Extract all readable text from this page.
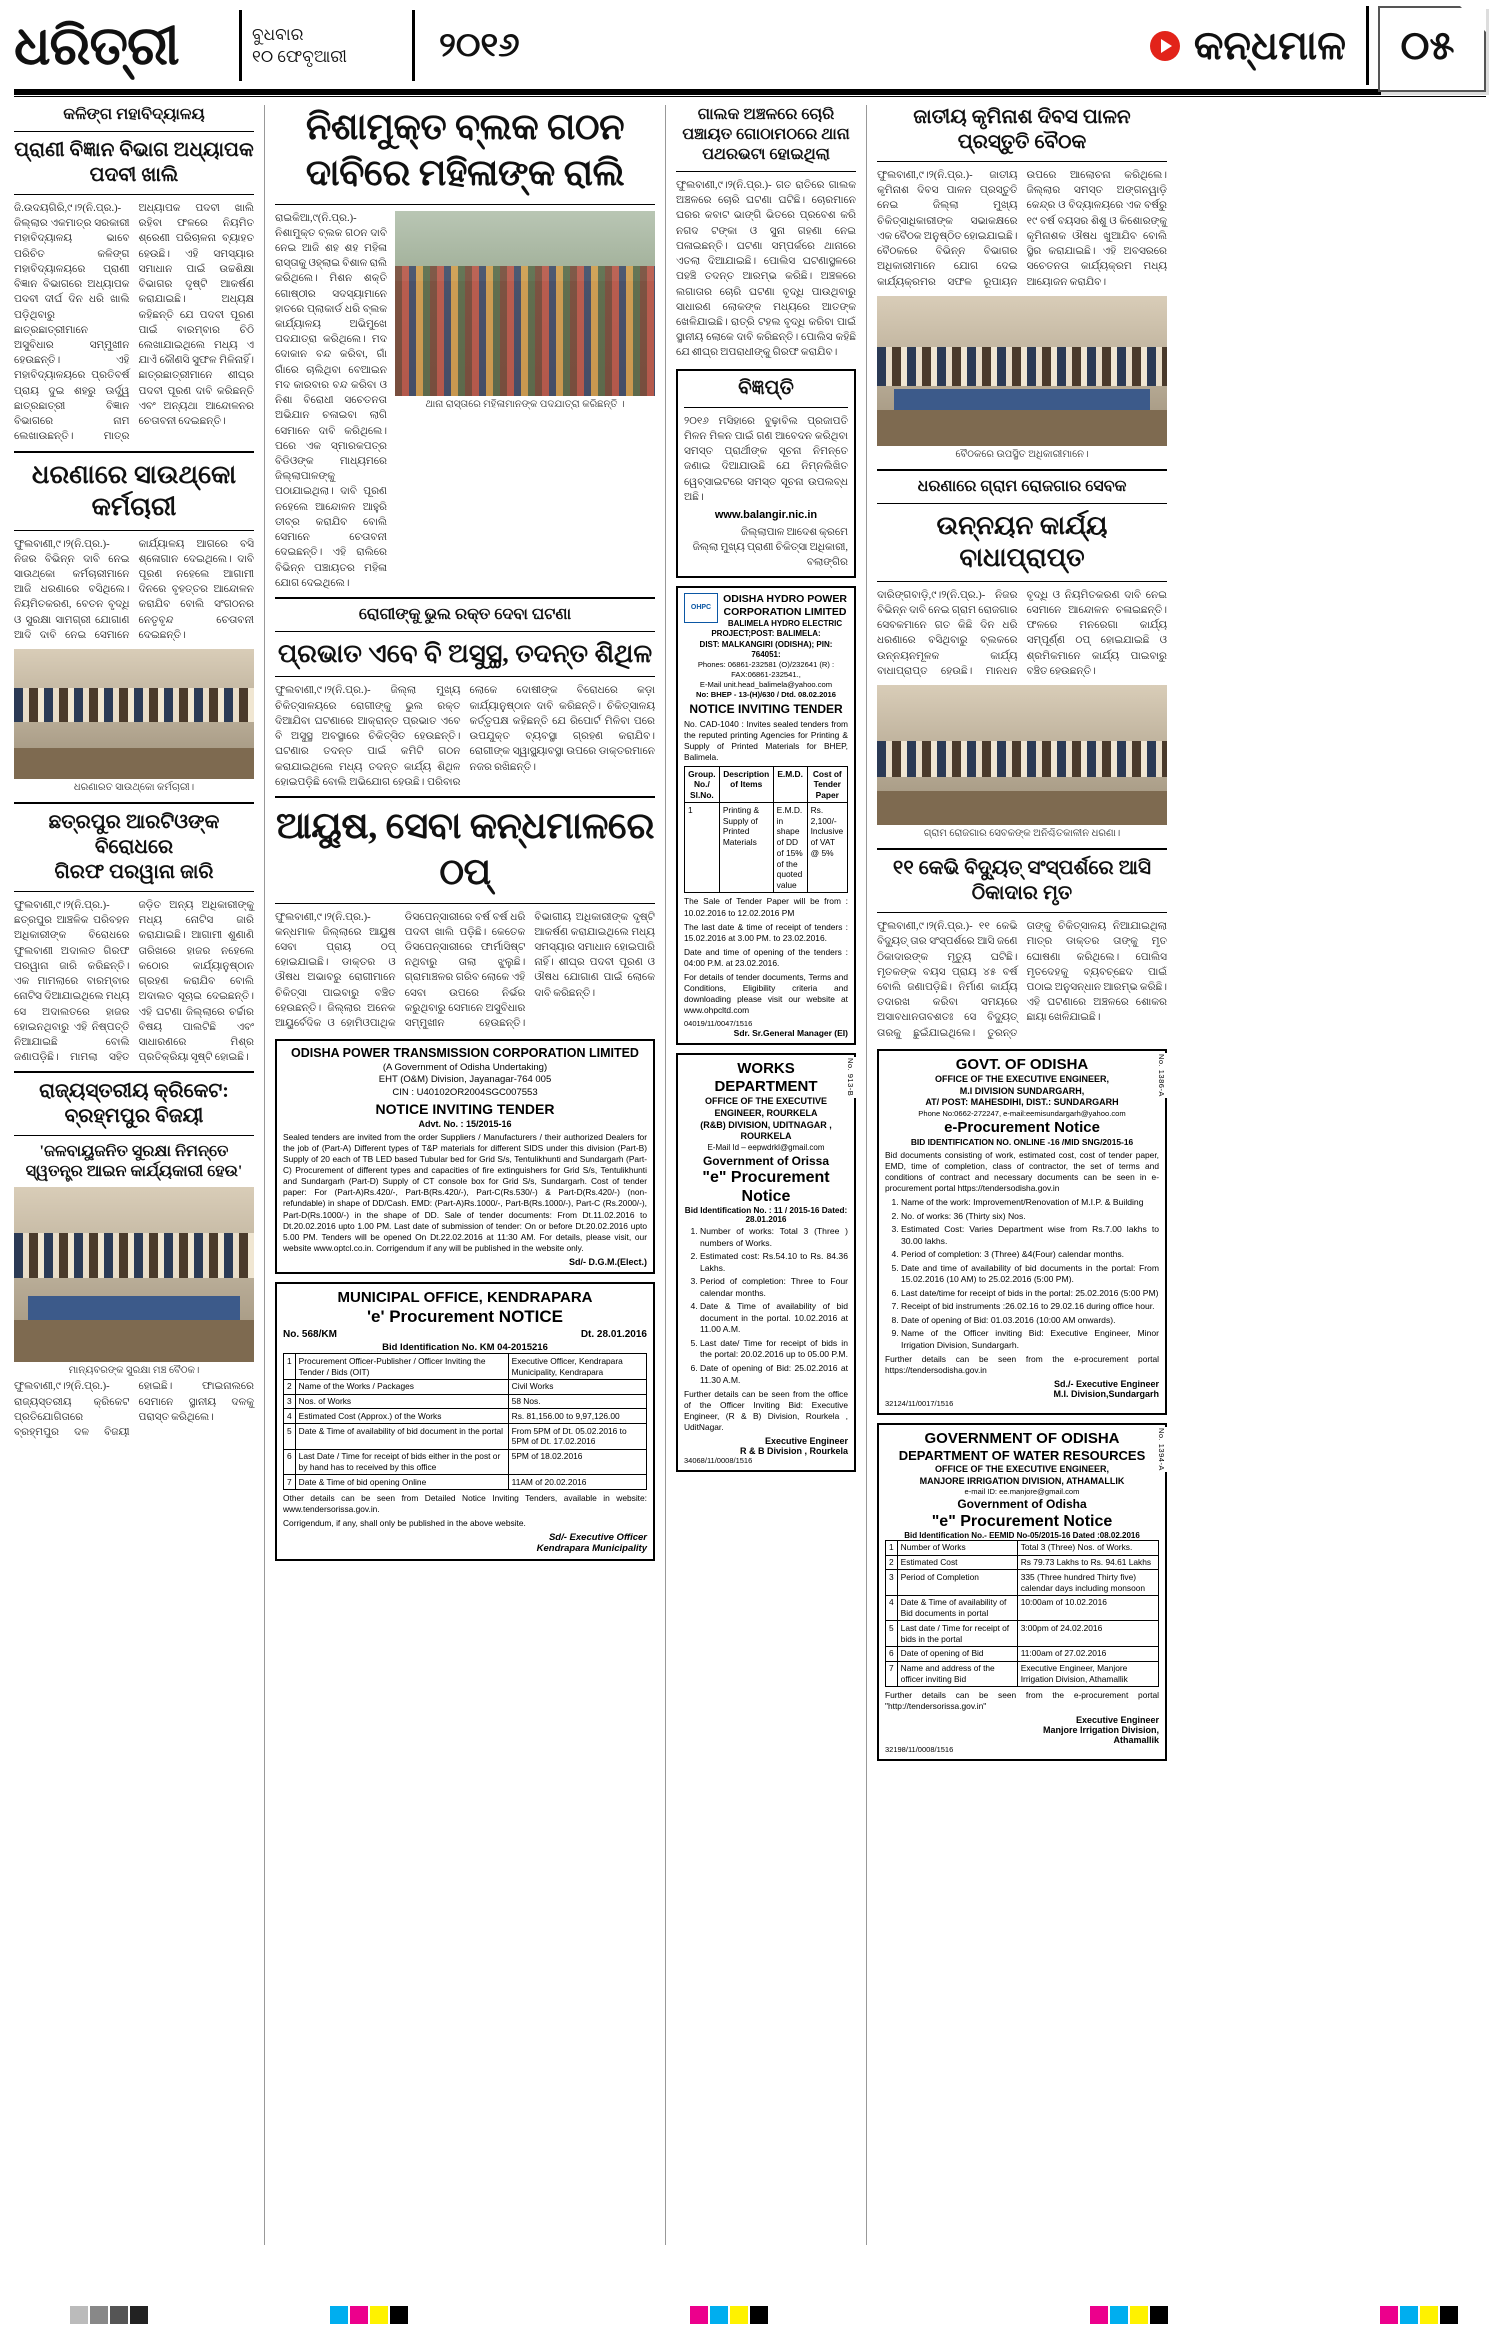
ଧରିତ୍ରୀ	ବୁଧବାର
୧୦ ଫେବୃଆରୀ	୨୦୧୬	କନ୍ଧମାଳ ୦୫
କଳିଙ୍ଗ ମହାବିଦ୍ୟାଳୟ
ପ୍ରାଣୀ ବିଜ୍ଞାନ ବିଭାଗ ଅଧ୍ୟାପକ ପଦବୀ ଖାଲି
ଜି.ଉଦୟଗିରି,୯।୨(ନି.ପ୍ର.)- ଜିଲ୍ଲାର ଏକମାତ୍ର ସରକାରୀ ମହାବିଦ୍ୟାଳୟ ଭାବେ ପରିଚିତ କଳିଙ୍ଗ ମହାବିଦ୍ୟାଳୟରେ ପ୍ରାଣୀ ବିଜ୍ଞାନ ବିଭାଗରେ ଅଧ୍ୟାପକ ପଦବୀ ଦୀର୍ଘ ଦିନ ଧରି ଖାଲି ପଡ଼ିଥିବାରୁ ଛାତ୍ରଛାତ୍ରୀମାନେ ଅସୁବିଧାର ସମ୍ମୁଖୀନ ହେଉଛନ୍ତି। ଏହି ମହାବିଦ୍ୟାଳୟରେ ପ୍ରତିବର୍ଷ ପ୍ରାୟ ଦୁଇ ଶହରୁ ଊର୍ଦ୍ଧ୍ୱ ଛାତ୍ରଛାତ୍ରୀ ବିଜ୍ଞାନ ବିଭାଗରେ ନାମ ଲେଖାଉଛନ୍ତି। ମାତ୍ର ଅଧ୍ୟାପକ ପଦବୀ ଖାଲି ରହିବା ଫଳରେ ନିୟମିତ ଶ୍ରେଣୀ ପରିଚାଳନା ବ୍ୟାହତ ହେଉଛି। ଏହି ସମସ୍ୟାର ସମାଧାନ ପାଇଁ ଉଚ୍ଚଶିକ୍ଷା ବିଭାଗର ଦୃଷ୍ଟି ଆକର୍ଷଣ କରାଯାଇଛି। ଅଧ୍ୟକ୍ଷ କହିଛନ୍ତି ଯେ ପଦବୀ ପୂରଣ ପାଇଁ ବାରମ୍ବାର ଚିଠି ଲେଖାଯାଇଥିଲେ ମଧ୍ୟ ଏ ଯାଏଁ କୌଣସି ସୁଫଳ ମିଳିନାହିଁ। ଛାତ୍ରଛାତ୍ରୀମାନେ ଶୀଘ୍ର ପଦବୀ ପୂରଣ ଦାବି କରିଛନ୍ତି ଏବଂ ଅନ୍ୟଥା ଆନ୍ଦୋଳନର ଚେତାବନୀ ଦେଇଛନ୍ତି।
ଧରଣାରେ ସାଉଥ୍‌କୋ କର୍ମଚାରୀ
ଫୁଲବାଣୀ,୯।୨(ନି.ପ୍ର.)- ନିଜର ବିଭିନ୍ନ ଦାବି ନେଇ ସାଉଥ୍‌କୋ କର୍ମଚାରୀମାନେ ଆଜି ଧରଣାରେ ବସିଥିଲେ। ନିୟମିତକରଣ, ବେତନ ବୃଦ୍ଧି ଓ ସୁରକ୍ଷା ସାମଗ୍ରୀ ଯୋଗାଣ ଆଦି ଦାବି ନେଇ ସେମାନେ କାର୍ଯ୍ୟାଳୟ ଆଗରେ ବସି ଶ୍ଳୋଗାନ ଦେଇଥିଲେ। ଦାବି ପୂରଣ ନହେଲେ ଆଗାମୀ ଦିନରେ ବୃହତ୍ତର ଆନ୍ଦୋଳନ କରାଯିବ ବୋଲି ସଂଗଠନର ନେତୃବୃନ୍ଦ ଚେତାବନୀ ଦେଇଛନ୍ତି।
ଧରଣାରତ ସାଉଥ୍‌କୋ କର୍ମଚାରୀ।
ଛତ୍ରପୁର ଆରଟିଓଙ୍କ ବିରୋଧରେ
ଗିରଫ ପରୱାନା ଜାରି
ଫୁଲବାଣୀ,୯।୨(ନି.ପ୍ର.)- ଛତ୍ରପୁର ଆଞ୍ଚଳିକ ପରିବହନ ଅଧିକାରୀଙ୍କ ବିରୋଧରେ ଫୁଲବାଣୀ ଅଦାଲତ ଗିରଫ ପରୱାନା ଜାରି କରିଛନ୍ତି। ଏକ ମାମଲାରେ ବାରମ୍ବାର ନୋଟିସ ଦିଆଯାଇଥିଲେ ମଧ୍ୟ ସେ ଅଦାଲତରେ ହାଜର ହୋଇନଥିବାରୁ ଏହି ନିଷ୍ପତ୍ତି ନିଆଯାଇଛି ବୋଲି ଜଣାପଡ଼ିଛି। ମାମଲା ସହିତ ଜଡ଼ିତ ଅନ୍ୟ ଅଧିକାରୀଙ୍କୁ ମଧ୍ୟ ନୋଟିସ ଜାରି କରାଯାଇଛି। ଆଗାମୀ ଶୁଣାଣି ତାରିଖରେ ହାଜର ନହେଲେ କଠୋର କାର୍ଯ୍ୟାନୁଷ୍ଠାନ ଗ୍ରହଣ କରାଯିବ ବୋଲି ଅଦାଲତ ସୂଚାଇ ଦେଇଛନ୍ତି। ଏହି ଘଟଣା ଜିଲ୍ଲାରେ ଚର୍ଚ୍ଚାର ବିଷୟ ପାଲଟିଛି ଏବଂ ସାଧାରଣରେ ମିଶ୍ର ପ୍ରତିକ୍ରିୟା ସୃଷ୍ଟି ହୋଇଛି।
ରାଜ୍ୟସ୍ତରୀୟ କ୍ରିକେଟ: ବ୍ରହ୍ମପୁର ବିଜୟୀ
'ଜଳବାୟୁଜନିତ ସୁରକ୍ଷା ନିମନ୍ତେ ସ୍ୱତନ୍ତ୍ର ଆଇନ କାର୍ଯ୍ୟକାରୀ ହେଉ'
ମାନ୍ୟବରଙ୍କ ସୁରକ୍ଷା ମଞ୍ଚ ବୈଠକ।
ଫୁଲବାଣୀ,୯।୨(ନି.ପ୍ର.)- ରାଜ୍ୟସ୍ତରୀୟ କ୍ରିକେଟ ପ୍ରତିଯୋଗିତାରେ ବ୍ରହ୍ମପୁର ଦଳ ବିଜୟୀ ହୋଇଛି। ଫାଇନାଲରେ ସେମାନେ ସ୍ଥାନୀୟ ଦଳକୁ ପରାସ୍ତ କରିଥିଲେ।
ନିଶାମୁକ୍ତ ବ୍ଲକ ଗଠନ ଦାବିରେ ମହିଳାଙ୍କ ରାଲି
ରାଇକିଆ,୯(ନି.ପ୍ର.)- ନିଶାମୁକ୍ତ ବ୍ଲକ ଗଠନ ଦାବି ନେଇ ଆଜି ଶହ ଶହ ମହିଳା ରାସ୍ତାକୁ ଓହ୍ଲାଇ ବିଶାଳ ରାଲି କରିଥିଲେ। ମିଶନ ଶକ୍ତି ଗୋଷ୍ଠୀର ସଦସ୍ୟାମାନେ ହାତରେ ପ୍ଲାକାର୍ଡ ଧରି ବ୍ଲକ କାର୍ଯ୍ୟାଳୟ ଅଭିମୁଖେ ପଦଯାତ୍ରା କରିଥିଲେ। ମଦ ଦୋକାନ ବନ୍ଦ କରିବା, ଗାଁ ଗାଁରେ ଚାଲିଥିବା ବେଆଇନ ମଦ କାରବାର ବନ୍ଦ କରିବା ଓ ନିଶା ବିରୋଧୀ ସଚେତନତା ଅଭିଯାନ ଚଳାଇବା ଲାଗି ସେମାନେ ଦାବି କରିଥିଲେ। ପରେ ଏକ ସ୍ମାରକପତ୍ର ବିଡିଓଙ୍କ ମାଧ୍ୟମରେ ଜିଲ୍ଲାପାଳଙ୍କୁ ପଠାଯାଇଥିଲା। ଦାବି ପୂରଣ ନହେଲେ ଆନ୍ଦୋଳନ ଆହୁରି ତୀବ୍ର କରାଯିବ ବୋଲି ସେମାନେ ଚେତାବନୀ ଦେଇଛନ୍ତି। ଏହି ରାଲିରେ ବିଭିନ୍ନ ପଞ୍ଚାୟତର ମହିଳା ଯୋଗ ଦେଇଥିଲେ।
ଥାନା ରାସ୍ତାରେ ମହିଳାମାନଙ୍କ ପଦଯାତ୍ରା କରିଛନ୍ତି ।
ରୋଗୀଙ୍କୁ ଭୁଲ ରକ୍ତ ଦେବା ଘଟଣା
ପ୍ରଭାତ ଏବେ ବି ଅସୁସ୍ଥ, ତଦନ୍ତ ଶିଥିଳ
ଫୁଲବାଣୀ,୯।୨(ନି.ପ୍ର.)- ଜିଲ୍ଲା ମୁଖ୍ୟ ଚିକିତ୍ସାଳୟରେ ରୋଗୀଙ୍କୁ ଭୁଲ ରକ୍ତ ଦିଆଯିବା ଘଟଣାରେ ଆକ୍ରାନ୍ତ ପ୍ରଭାତ ଏବେ ବି ଅସୁସ୍ଥ ଅବସ୍ଥାରେ ଚିକିତ୍ସିତ ହେଉଛନ୍ତି। ଘଟଣାର ତଦନ୍ତ ପାଇଁ କମିଟି ଗଠନ କରାଯାଇଥିଲେ ମଧ୍ୟ ତଦନ୍ତ କାର୍ଯ୍ୟ ଶିଥିଳ ହୋଇପଡ଼ିଛି ବୋଲି ଅଭିଯୋଗ ହେଉଛି। ପରିବାର ଲୋକେ ଦୋଷୀଙ୍କ ବିରୋଧରେ କଡ଼ା କାର୍ଯ୍ୟାନୁଷ୍ଠାନ ଦାବି କରିଛନ୍ତି। ଚିକିତ୍ସାଳୟ କର୍ତ୍ତୃପକ୍ଷ କହିଛନ୍ତି ଯେ ରିପୋର୍ଟ ମିଳିବା ପରେ ଉପଯୁକ୍ତ ବ୍ୟବସ୍ଥା ଗ୍ରହଣ କରାଯିବ। ରୋଗୀଙ୍କ ସ୍ୱାସ୍ଥ୍ୟାବସ୍ଥା ଉପରେ ଡାକ୍ତରମାନେ ନଜର ରଖିଛନ୍ତି।
ଆୟୁଷ, ସେବା କନ୍ଧମାଳରେ ଠପ୍
ଫୁଲବାଣୀ,୯।୨(ନି.ପ୍ର.)- କନ୍ଧମାଳ ଜିଲ୍ଲାରେ ଆୟୁଷ ସେବା ପ୍ରାୟ ଠପ୍ ହୋଇଯାଇଛି। ଡାକ୍ତର ଓ ଔଷଧ ଅଭାବରୁ ରୋଗୀମାନେ ଚିକିତ୍ସା ପାଇବାରୁ ବଞ୍ଚିତ ହେଉଛନ୍ତି। ଜିଲ୍ଲାର ଅନେକ ଆୟୁର୍ବେଦିକ ଓ ହୋମିଓପାଥିକ ଡିସପେନ୍ସାରୀରେ ବର୍ଷ ବର୍ଷ ଧରି ପଦବୀ ଖାଲି ପଡ଼ିଛି। କେତେକ ଡିସପେନ୍ସାରୀରେ ଫାର୍ମାସିଷ୍ଟ ନଥିବାରୁ ତାଲା ଝୁଲୁଛି। ଗ୍ରାମାଞ୍ଚଳର ଗରିବ ଲୋକେ ଏହି ସେବା ଉପରେ ନିର୍ଭର କରୁଥିବାରୁ ସେମାନେ ଅସୁବିଧାର ସମ୍ମୁଖୀନ ହେଉଛନ୍ତି। ବିଭାଗୀୟ ଅଧିକାରୀଙ୍କ ଦୃଷ୍ଟି ଆକର୍ଷଣ କରାଯାଇଥିଲେ ମଧ୍ୟ ସମସ୍ୟାର ସମାଧାନ ହୋଇପାରି ନାହିଁ। ଶୀଘ୍ର ପଦବୀ ପୂରଣ ଓ ଔଷଧ ଯୋଗାଣ ପାଇଁ ଲୋକେ ଦାବି କରିଛନ୍ତି।
ODISHA POWER TRANSMISSION CORPORATION LIMITED
(A Government of Odisha Undertaking)
EHT (O&M) Division, Jayanagar-764 005
CIN : U40102OR2004SGC007553
NOTICE INVITING TENDER
Advt. No. : 15/2015-16
Sealed tenders are invited from the order Suppliers / Manufacturers / their authorized Dealers for the job of (Part-A) Different types of T&P materials for different SIDS under this division (Part-B) Supply of 20 each of TB LED based Tubular bed for Grid S/s, Tentulikhunti and Sundargarh (Part-C) Procurement of different types and capacities of fire extinguishers for Grid S/s, Tentulikhunti and Sundargarh (Part-D) Supply of CT console box for Grid S/s, Sundargarh. Cost of tender paper: For (Part-A)Rs.420/-, Part-B(Rs.420/-), Part-C(Rs.530/-) & Part-D(Rs.420/-) (non-refundable) in shape of DD/Cash. EMD: (Part-A)Rs.1000/-, Part-B(Rs.1000/-), Part-C (Rs.2000/-), Part-D(Rs.1000/-) in the shape of DD. Sale of tender documents: From Dt.11.02.2016 to Dt.20.02.2016 upto 1.00 PM. Last date of submission of tender: On or before Dt.20.02.2016 upto 5.00 PM. Tenders will be opened On Dt.22.02.2016 at 11:30 AM. For details, please visit, our website www.optcl.co.in. Corrigendum if any will be published in the website only.
Sd/- D.G.M.(Elect.)
MUNICIPAL OFFICE, KENDRAPARA
'e' Procurement NOTICE
No. 568/KM	Dt. 28.01.2016
Bid Identification No. KM 04-2015216
1	Procurement Officer-Publisher / Officer Inviting the Tender / Bids (OIT)	Executive Officer, Kendrapara Municipality, Kendrapara
2	Name of the Works / Packages	Civil Works
3	Nos. of Works	58 Nos.
4	Estimated Cost (Approx.) of the Works	Rs. 81,156.00 to 9,97,126.00
5	Date & Time of availability of bid document in the portal	From 5PM of Dt. 05.02.2016 to 5PM of Dt. 17.02.2016
6	Last Date / Time for receipt of bids either in the post or by hand has to received by this office	5PM of 18.02.2016
7	Date & Time of bid opening Online	11AM of 20.02.2016
Other details can be seen from Detailed Notice Inviting Tenders, available in website: www.tendersorissa.gov.in.
Corrigendum, if any, shall only be published in the above website.
Sd/- Executive Officer
Kendrapara Municipality
ଗାଲକ ଅଞ୍ଚଳରେ ଚୋରି
ପଞ୍ଚାୟତ ଗୋଠାମଠରେ ଥାନା
ପଥରଭଟା ହୋଇଥିଲା
ଫୁଲବାଣୀ,୯।୨(ନି.ପ୍ର.)- ଗତ ରାତିରେ ଗାଲକ ଅଞ୍ଚଳରେ ଚୋରି ଘଟଣା ଘଟିଛି। ଚୋରମାନେ ଘରର କବାଟ ଭାଙ୍ଗି ଭିତରେ ପ୍ରବେଶ କରି ନଗଦ ଟଙ୍କା ଓ ସୁନା ଗହଣା ନେଇ ପଳାଇଛନ୍ତି। ଘଟଣା ସମ୍ପର୍କରେ ଥାନାରେ ଏତଲା ଦିଆଯାଇଛି। ପୋଲିସ ଘଟଣାସ୍ଥଳରେ ପହଞ୍ଚି ତଦନ୍ତ ଆରମ୍ଭ କରିଛି। ଅଞ୍ଚଳରେ ଲଗାତାର ଚୋରି ଘଟଣା ବୃଦ୍ଧି ପାଉଥିବାରୁ ସାଧାରଣ ଲୋକଙ୍କ ମଧ୍ୟରେ ଆତଙ୍କ ଖେଳିଯାଇଛି। ରାତ୍ରି ଟହଲ ବୃଦ୍ଧି କରିବା ପାଇଁ ସ୍ଥାନୀୟ ଲୋକେ ଦାବି କରିଛନ୍ତି। ପୋଲିସ କହିଛି ଯେ ଶୀଘ୍ର ଅପରାଧୀଙ୍କୁ ଗିରଫ କରାଯିବ।
ବିଜ୍ଞପ୍ତି
୨୦୧୬ ମସିହାରେ ବୁଢ଼ାବିଲ ପ୍ରଜାପତି ମିଳନ ମିଳନ ପାଇଁ ଗଣ ଆବେଦନ କରିଥିବା ସମସ୍ତ ପ୍ରାର୍ଥୀଙ୍କ ସୂଚନା ନିମନ୍ତେ ଜଣାଇ ଦିଆଯାଉଛି ଯେ ନିମ୍ନଲିଖିତ ୱେବ୍ସାଇଟରେ ସମସ୍ତ ସୂଚନା ଉପଲବ୍ଧ ଅଛି।
www.balangir.nic.in
ଜିଲ୍ଲାପାଳ ଆଦେଶ କ୍ରମେ
ଜିଲ୍ଲା ମୁଖ୍ୟ ପ୍ରାଣୀ ଚିକିତ୍ସା ଅଧିକାରୀ, ବଲାଙ୍ଗିର
OHPC
ODISHA HYDRO POWER CORPORATION LIMITED
BALIMELA HYDRO ELECTRIC PROJECT;POST: BALIMELA:
DIST: MALKANGIRI (ODISHA); PIN: 764051:
Phones: 06861-232581 (O)/232641 (R) : FAX:06861-232541.,
E-Mail unit.head_balimela@yahoo.com
No: BHEP - 13-(H)/630 / Dtd. 08.02.2016
NOTICE INVITING TENDER
No. CAD-1040 : Invites sealed tenders from the reputed printing Agencies for Printing & Supply of Printed Materials for BHEP, Balimela.
Group. No./ Sl.No.	Description of Items	E.M.D.	Cost of Tender Paper
1	Printing & Supply of Printed Materials	E.M.D. in shape of DD of 15% of the quoted value	Rs. 2,100/- Inclusive of VAT @ 5%
The Sale of Tender Paper will be from : 10.02.2016 to 12.02.2016 PM
The last date & time of receipt of tenders : 15.02.2016 at 3.00 PM. to 23.02.2016.
Date and time of opening of the tenders : 04:00 P.M. at 23.02.2016.
For details of tender documents, Terms and Conditions, Eligibility criteria and downloading please visit our website at www.ohpcltd.com
04019/11/0047/1516
Sdr. Sr.General Manager (EI)
No. 913-B
WORKS DEPARTMENT
OFFICE OF THE EXECUTIVE ENGINEER, ROURKELA
(R&B) DIVISION, UDITNAGAR , ROURKELA
E-Mail Id – eepwdrkl@gmail.com
Government of Orissa
"e" Procurement Notice
Bid Identification No. : 11 / 2015-16 Dated: 28.01.2016
1. Number of works: Total 3 (Three ) numbers of Works.
2. Estimated cost: Rs.54.10 to Rs. 84.36 Lakhs.
3. Period of completion: Three to Four calendar months.
4. Date & Time of availability of bid document in the portal. 10.02.2016 at 11.00 A.M.
5. Last date/ Time for receipt of bids in the portal: 20.02.2016 up to 05.00 P.M.
6. Date of opening of Bid: 25.02.2016 at 11.30 A.M.
Further details can be seen from the office of the Officer Inviting Bid: Executive Engineer, (R & B) Division, Rourkela , UditNagar.
Executive Engineer
R & B Division , Rourkela
34068/11/0008/1516
ଜାତୀୟ କୃମିନାଶ ଦିବସ ପାଳନ ପ୍ରସ୍ତୁତି ବୈଠକ
ଫୁଲବାଣୀ,୯।୨(ନି.ପ୍ର.)- ଜାତୀୟ କୃମିନାଶ ଦିବସ ପାଳନ ପ୍ରସ୍ତୁତି ନେଇ ଜିଲ୍ଲା ମୁଖ୍ୟ ଚିକିତ୍ସାଧିକାରୀଙ୍କ ସଭାକକ୍ଷରେ ଏକ ବୈଠକ ଅନୁଷ୍ଠିତ ହୋଇଯାଇଛି। ବୈଠକରେ ବିଭିନ୍ନ ବିଭାଗର ଅଧିକାରୀମାନେ ଯୋଗ ଦେଇ କାର୍ଯ୍ୟକ୍ରମର ସଫଳ ରୂପାୟନ ଉପରେ ଆଲୋଚନା କରିଥିଲେ। ଜିଲ୍ଲାର ସମସ୍ତ ଅଙ୍ଗନୱାଡ଼ି କେନ୍ଦ୍ର ଓ ବିଦ୍ୟାଳୟରେ ଏକ ବର୍ଷରୁ ୧୯ ବର୍ଷ ବୟସର ଶିଶୁ ଓ କିଶୋରଙ୍କୁ କୃମିନାଶକ ଔଷଧ ଖୁଆଯିବ ବୋଲି ସ୍ଥିର କରାଯାଇଛି। ଏହି ଅବସରରେ ସଚେତନତା କାର୍ଯ୍ୟକ୍ରମ ମଧ୍ୟ ଆୟୋଜନ କରାଯିବ।
ବୈଠକରେ ଉପସ୍ଥିତ ଅଧିକାରୀମାନେ।
ଧରଣାରେ ଗ୍ରାମ ରୋଜଗାର ସେବକ
ଉନ୍ନୟନ କାର୍ଯ୍ୟ ବାଧାପ୍ରାପ୍ତ
ଦାରିଙ୍ଗବାଡ଼ି,୯।୨(ନି.ପ୍ର.)- ନିଜର ବିଭିନ୍ନ ଦାବି ନେଇ ଗ୍ରାମ ରୋଜଗାର ସେବକମାନେ ଗତ କିଛି ଦିନ ଧରି ଧରଣାରେ ବସିଥିବାରୁ ବ୍ଲକରେ ଉନ୍ନୟନମୂଳକ କାର୍ଯ୍ୟ ବାଧାପ୍ରାପ୍ତ ହେଉଛି। ମାନଧନ ବୃଦ୍ଧି ଓ ନିୟମିତକରଣ ଦାବି ନେଇ ସେମାନେ ଆନ୍ଦୋଳନ ଚଳାଇଛନ୍ତି। ଫଳରେ ମନରେଗା କାର୍ଯ୍ୟ ସମ୍ପୂର୍ଣ୍ଣ ଠପ୍ ହୋଇଯାଇଛି ଓ ଶ୍ରମିକମାନେ କାର୍ଯ୍ୟ ପାଇବାରୁ ବଞ୍ଚିତ ହେଉଛନ୍ତି।
ଗ୍ରାମ ରୋଜଗାର ସେବକଙ୍କ ଅନିଶ୍ଚିତକାଳୀନ ଧରଣା।
୧୧ କେଭି ବିଦ୍ୟୁତ୍ ସଂସ୍ପର୍ଶରେ ଆସି ଠିକାଦାର ମୃତ
ଫୁଲବାଣୀ,୯।୨(ନି.ପ୍ର.)- ୧୧ କେଭି ବିଦ୍ୟୁତ୍ ତାର ସଂସ୍ପର୍ଶରେ ଆସି ଜଣେ ଠିକାଦାରଙ୍କ ମୃତ୍ୟୁ ଘଟିଛି। ମୃତକଙ୍କ ବୟସ ପ୍ରାୟ ୪୫ ବର୍ଷ ବୋଲି ଜଣାପଡ଼ିଛି। ନିର୍ମାଣ କାର୍ଯ୍ୟ ତଦାରଖ କରିବା ସମୟରେ ଅସାବଧାନତାବଶତଃ ସେ ବିଦ୍ୟୁତ୍ ତାରକୁ ଛୁଇଁଯାଇଥିଲେ। ତୁରନ୍ତ ତାଙ୍କୁ ଚିକିତ୍ସାଳୟ ନିଆଯାଇଥିଲା ମାତ୍ର ଡାକ୍ତର ତାଙ୍କୁ ମୃତ ଘୋଷଣା କରିଥିଲେ। ପୋଲିସ ମୃତଦେହକୁ ବ୍ୟବଚ୍ଛେଦ ପାଇଁ ପଠାଇ ଅନୁସନ୍ଧାନ ଆରମ୍ଭ କରିଛି। ଏହି ଘଟଣାରେ ଅଞ୍ଚଳରେ ଶୋକର ଛାୟା ଖେଳିଯାଇଛି।
No. 1386-A
GOVT. OF ODISHA
OFFICE OF THE EXECUTIVE ENGINEER,
M.I DIVISION SUNDARGARH,
AT/ POST: MAHESDIHI, DIST.: SUNDARGARH
Phone No:0662-272247, e-mail:eemisundargarh@yahoo.com
e-Procurement Notice
BID IDENTIFICATION NO. ONLINE -16 /MID SNG/2015-16
Bid documents consisting of work, estimated cost, cost of tender paper, EMD, time of completion, class of contractor, the set of terms and conditions of contract and necessary documents can be seen in e-procurement portal https://tendersodisha.gov.in
1. Name of the work: Improvement/Renovation of M.I.P. & Building
2. No. of works: 36 (Thirty six) Nos.
3. Estimated Cost: Varies Department wise from Rs.7.00 lakhs to 30.00 lakhs.
4. Period of completion: 3 (Three) &4(Four) calendar months.
5. Date and time of availability of bid documents in the portal: From 15.02.2016 (10 AM) to 25.02.2016 (5:00 PM).
6. Last date/time for receipt of bids in the portal: 25.02.2016 (5:00 PM)
7. Receipt of bid instruments :26.02.16 to 29.02.16 during office hour.
8. Date of opening of Bid: 01.03.2016 (10:00 AM onwards).
9. Name of the Officer inviting Bid: Executive Engineer, Minor Irrigation Division, Sundargarh.
Further details can be seen from the e-procurement portal https://tendersodisha.gov.in
Sd./- Executive Engineer
M.I. Division,Sundargarh
32124/11/0017/1516
No. 1394-A
GOVERNMENT OF ODISHA
DEPARTMENT OF WATER RESOURCES
OFFICE OF THE EXECUTIVE ENGINEER,
MANJORE IRRIGATION DIVISION, ATHAMALLIK
e-mail ID: ee.manjore@gmail.com
Government of Odisha
"e" Procurement Notice
Bid Identification No.- EEMID No-05/2015-16 Dated :08.02.2016
1	Number of Works	Total 3 (Three) Nos. of Works.
2	Estimated Cost	Rs 79.73 Lakhs to Rs. 94.61 Lakhs
3	Period of Completion	335 (Three hundred Thirty five) calendar days including monsoon
4	Date & Time of availability of Bid documents in portal	10:00am of 10.02.2016
5	Last date / Time for receipt of bids in the portal	3:00pm of 24.02.2016
6	Date of opening of Bid	11:00am of 27.02.2016
7	Name and address of the officer inviting Bid	Executive Engineer, Manjore Irrigation Division, Athamallik
Further details can be seen from the e-procurement portal "http://tendersorissa.gov.in"
Executive Engineer
Manjore Irrigation Division,
Athamallik
32198/11/0008/1516
